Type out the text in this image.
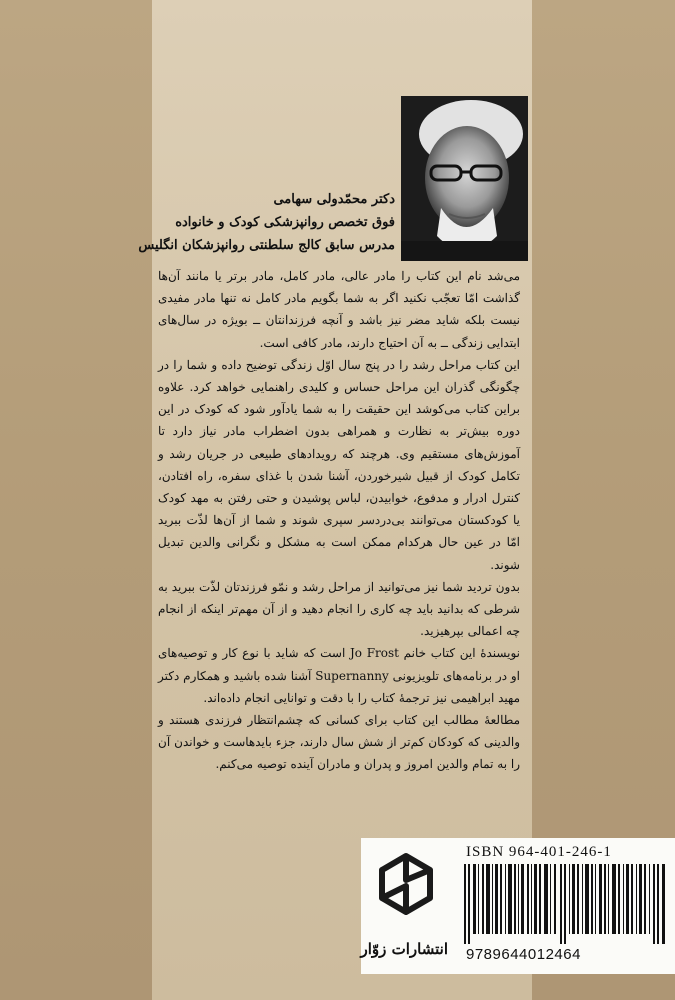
دکتر محمّدولی سهامی
فوق تخصص روانپزشکی کودک و خانواده
مدرس سابق کالج سلطنتی روانپزشکان انگلیس

می‌شد نام این کتاب را مادر عالی، مادر کامل، مادر برتر یا مانند آن‌ها گذاشت امّا تعجّب نکنید اگر به شما بگویم مادر کامل نه تنها مادر مفیدی نیست بلکه شاید مضر نیز باشد و آنچه فرزندانتان ــ بویژه در سال‌های ابتدایی زندگی ــ به آن احتیاج دارند، مادر کافی است.

این کتاب مراحل رشد را در پنج سال اوّل زندگی توضیح داده و شما را در چگونگی گذران این مراحل حساس و کلیدی راهنمایی خواهد کرد. علاوه براین کتاب می‌کوشد این حقیقت را به شما یادآور شود که کودک در این دوره بیش‌تر به نظارت و همراهی بدون اضطراب مادر نیاز دارد تا آموزش‌های مستقیم وی. هرچند که رویدادهای طبیعی در جریان رشد و تکامل کودک از قبیل شیرخوردن، آشنا شدن با غذای سفره، راه افتادن، کنترل ادرار و مدفوع، خوابیدن، لباس پوشیدن و حتی رفتن به مهد کودک یا کودکستان می‌توانند بی‌دردسر سپری شوند و شما از آن‌ها لذّت ببرید امّا در عین حال هرکدام ممکن است به مشکل و نگرانی والدین تبدیل شوند.

بدون تردید شما نیز می‌توانید از مراحل رشد و نمّو فرزندتان لذّت ببرید به شرطی که بدانید باید چه کاری را انجام دهید و از آن مهم‌تر اینکه از انجام چه اعمالی بپرهیزید.

نویسندهٔ این کتاب خانم Jo Frost است که شاید با نوع کار و توصیه‌های او در برنامه‌های تلویزیونی Supernanny آشنا شده باشید و همکارم دکتر مهید ابراهیمی نیز ترجمهٔ کتاب را با دقت و توانایی انجام داده‌اند.

مطالعهٔ مطالب این کتاب برای کسانی که چشم‌انتظار فرزندی هستند و والدینی که کودکان کم‌تر از شش سال دارند، جزء بایدهاست و خواندن آن را به تمام والدین امروز و پدران و مادران آینده توصیه می‌کنم.

انتشارات زوّار
ISBN 964-401-246-1
9789644012464
